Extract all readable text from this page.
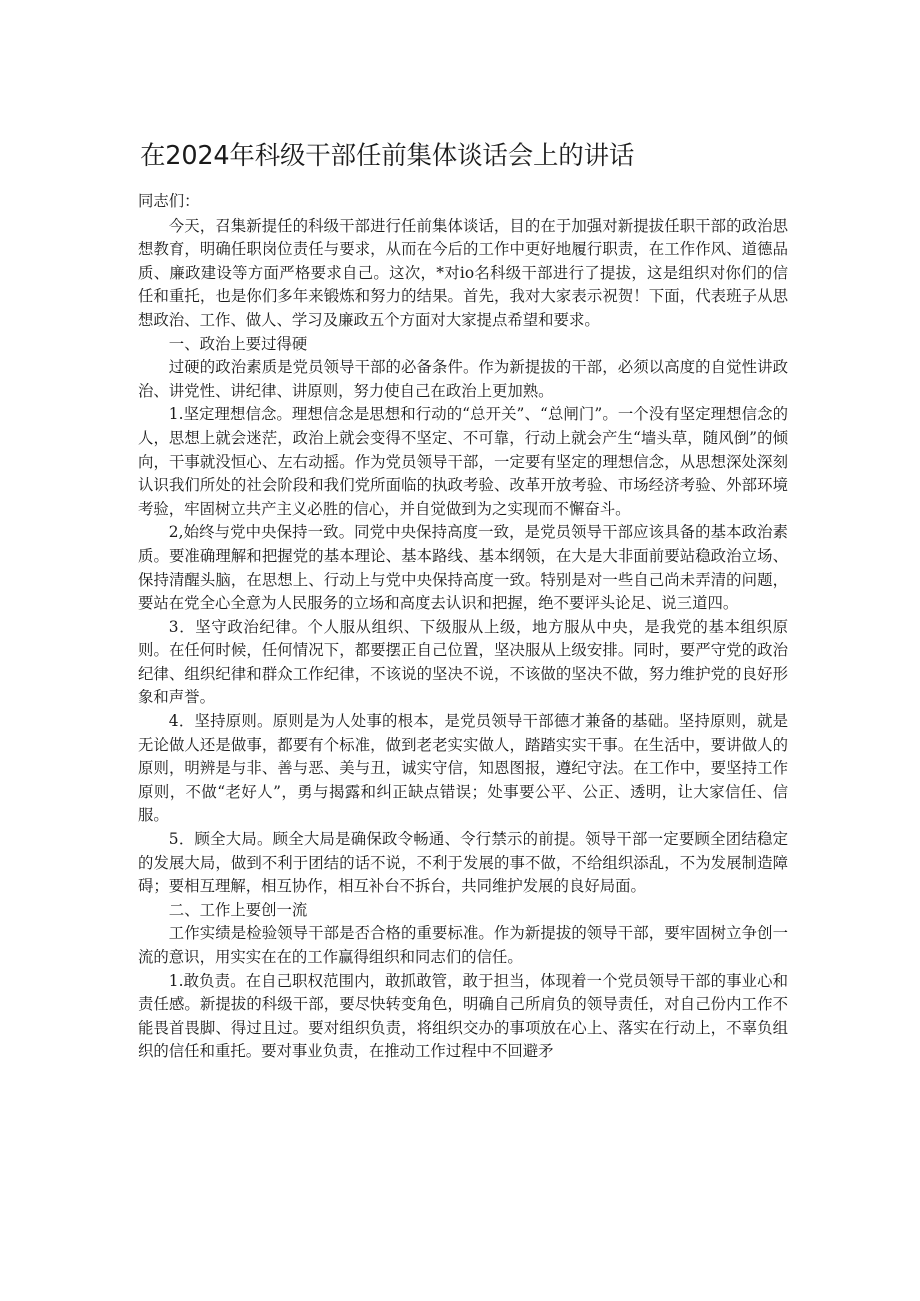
在2024年科级干部任前集体谈话会上的讲话

同志们：

今天，召集新提任的科级干部进行任前集体谈话，目的在于加强对新提拔任职干部的政治思想教育，明确任职岗位责任与要求，从而在今后的工作中更好地履行职责，在工作作风、道德品质、廉政建设等方面严格要求自己。这次，*对io名科级干部进行了提拔，这是组织对你们的信任和重托，也是你们多年来锻炼和努力的结果。首先，我对大家表示祝贺！下面，代表班子从思想政治、工作、做人、学习及廉政五个方面对大家提点希望和要求。

一、政治上要过得硬

过硬的政治素质是党员领导干部的必备条件。作为新提拔的干部，必须以高度的自觉性讲政治、讲党性、讲纪律、讲原则，努力使自己在政治上更加熟。

1.坚定理想信念。理想信念是思想和行动的“总开关”、“总闸门”。一个没有坚定理想信念的人，思想上就会迷茫，政治上就会变得不坚定、不可靠，行动上就会产生“墙头草，随风倒”的倾向，干事就没恒心、左右动摇。作为党员领导干部，一定要有坚定的理想信念，从思想深处深刻认识我们所处的社会阶段和我们党所面临的执政考验、改革开放考验、市场经济考验、外部环境考验，牢固树立共产主义必胜的信心，并自觉做到为之实现而不懈奋斗。

2,始终与党中央保持一致。同党中央保持高度一致，是党员领导干部应该具备的基本政治素质。要准确理解和把握党的基本理论、基本路线、基本纲领，在大是大非面前要站稳政治立场、保持清醒头脑，在思想上、行动上与党中央保持高度一致。特别是对一些自己尚未弄清的问题，要站在党全心全意为人民服务的立场和高度去认识和把握，绝不要评头论足、说三道四。

3．坚守政治纪律。个人服从组织、下级服从上级，地方服从中央，是我党的基本组织原则。在任何时候，任何情况下，都要摆正自己位置，坚决服从上级安排。同时，要严守党的政治纪律、组织纪律和群众工作纪律，不该说的坚决不说，不该做的坚决不做，努力维护党的良好形象和声誉。

4．坚持原则。原则是为人处事的根本，是党员领导干部德才兼备的基础。坚持原则，就是无论做人还是做事，都要有个标准，做到老老实实做人，踏踏实实干事。在生活中，要讲做人的原则，明辨是与非、善与恶、美与丑，诚实守信，知恩图报，遵纪守法。在工作中，要坚持工作原则，不做“老好人”，勇与揭露和纠正缺点错误；处事要公平、公正、透明，让大家信任、信服。

5．顾全大局。顾全大局是确保政令畅通、令行禁示的前提。领导干部一定要顾全团结稳定的发展大局，做到不利于团结的话不说，不利于发展的事不做，不给组织添乱，不为发展制造障碍；要相互理解，相互协作，相互补台不拆台，共同维护发展的良好局面。

二、工作上要创一流

工作实绩是检验领导干部是否合格的重要标准。作为新提拔的领导干部，要牢固树立争创一流的意识，用实实在在的工作赢得组织和同志们的信任。

1.敢负责。在自己职权范围内，敢抓敢管，敢于担当，体现着一个党员领导干部的事业心和责任感。新提拔的科级干部，要尽快转变角色，明确自己所肩负的领导责任，对自己份内工作不能畏首畏脚、得过且过。要对组织负责，将组织交办的事项放在心上、落实在行动上，不辜负组织的信任和重托。要对事业负责，在推动工作过程中不回避矛
